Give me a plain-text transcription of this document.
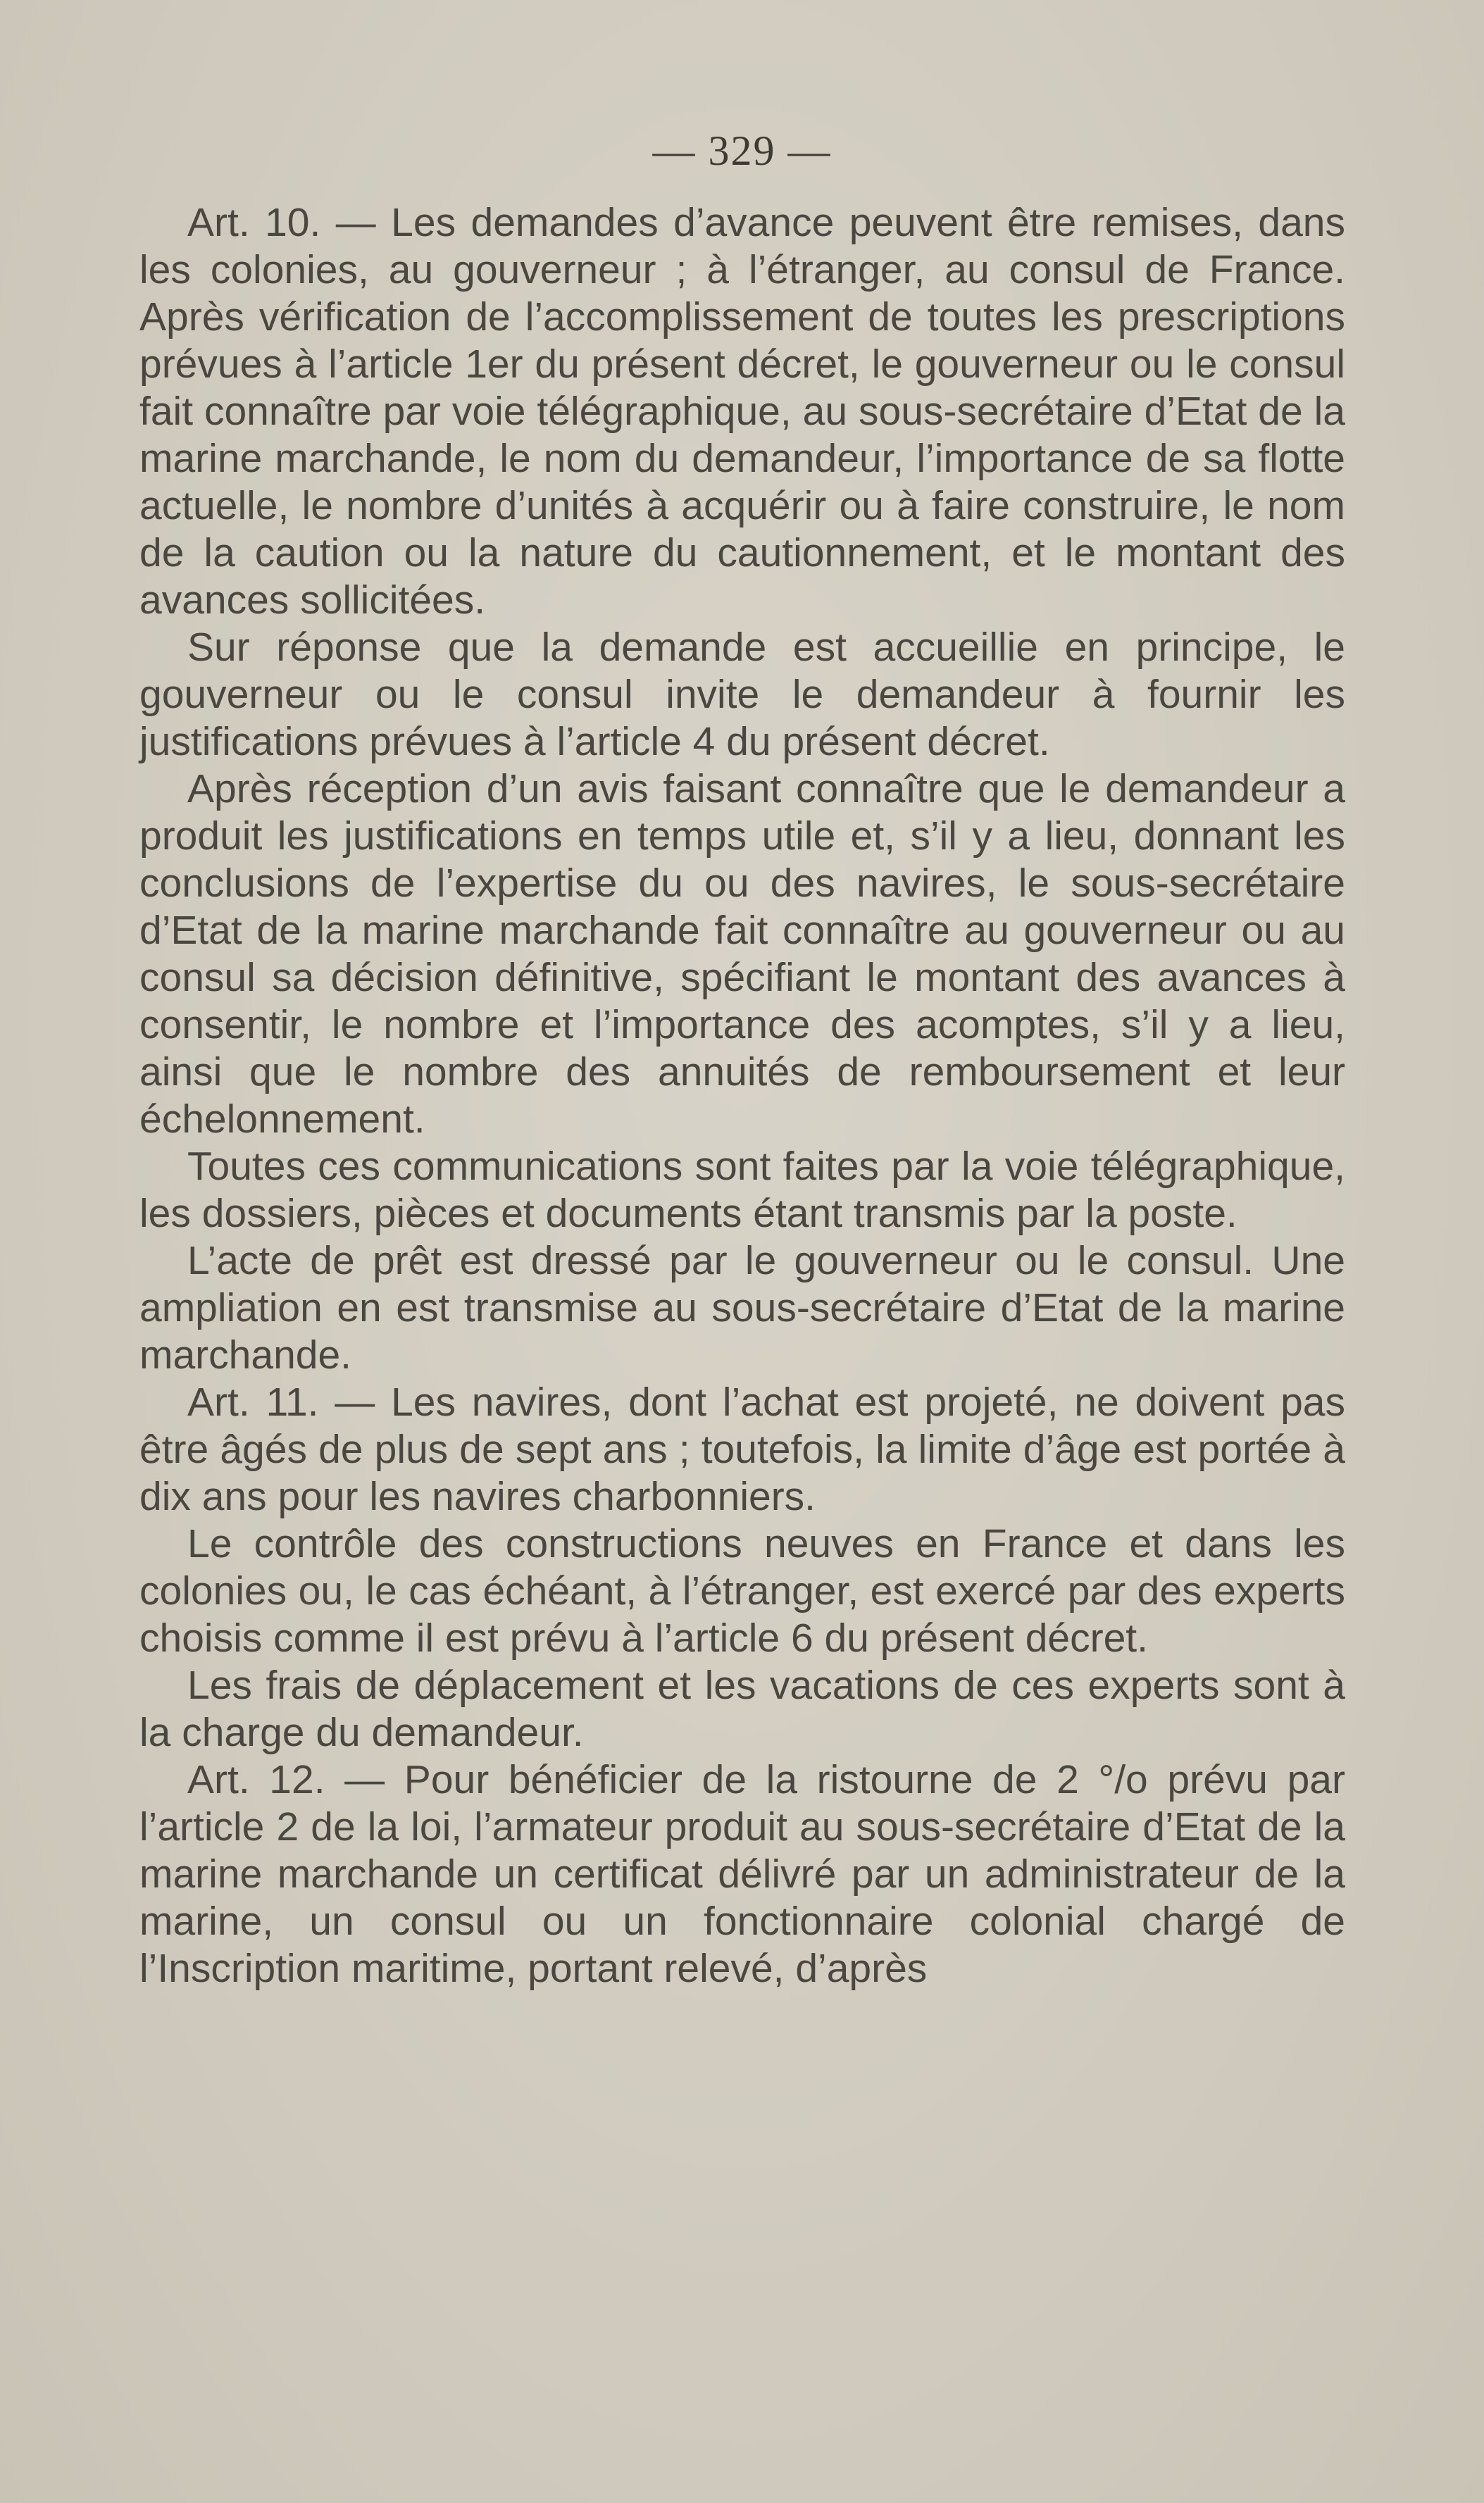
— 329 —

Art. 10. — Les demandes d’avance peuvent être remises, dans les colonies, au gouverneur ; à l’étranger, au consul de France. Après vérification de l’accomplissement de toutes les prescriptions prévues à l’article 1er du présent décret, le gouverneur ou le consul fait connaître par voie télégraphique, au sous-secrétaire d’Etat de la marine marchande, le nom du demandeur, l’importance de sa flotte actuelle, le nombre d’unités à acquérir ou à faire construire, le nom de la caution ou la nature du cautionnement, et le montant des avances sollicitées.

Sur réponse que la demande est accueillie en principe, le gouverneur ou le consul invite le demandeur à fournir les justifications prévues à l’article 4 du présent décret.

Après réception d’un avis faisant connaître que le demandeur a produit les justifications en temps utile et, s’il y a lieu, donnant les conclusions de l’expertise du ou des navires, le sous-secrétaire d’Etat de la marine marchande fait connaître au gouverneur ou au consul sa décision définitive, spécifiant le montant des avances à consentir, le nombre et l’importance des acomptes, s’il y a lieu, ainsi que le nombre des annuités de remboursement et leur échelonnement.

Toutes ces communications sont faites par la voie télégraphique, les dossiers, pièces et documents étant transmis par la poste.

L’acte de prêt est dressé par le gouverneur ou le consul. Une ampliation en est transmise au sous-secrétaire d’Etat de la marine marchande.

Art. 11. — Les navires, dont l’achat est projeté, ne doivent pas être âgés de plus de sept ans ; toutefois, la limite d’âge est portée à dix ans pour les navires charbonniers.

Le contrôle des constructions neuves en France et dans les colonies ou, le cas échéant, à l’étranger, est exercé par des experts choisis comme il est prévu à l’article 6 du présent décret.

Les frais de déplacement et les vacations de ces experts sont à la charge du demandeur.

Art. 12. — Pour bénéficier de la ristourne de 2 °/o prévu par l’article 2 de la loi, l’armateur produit au sous-secrétaire d’Etat de la marine marchande un certificat délivré par un administrateur de la marine, un consul ou un fonctionnaire colonial chargé de l’Inscription maritime, portant relevé, d’après
